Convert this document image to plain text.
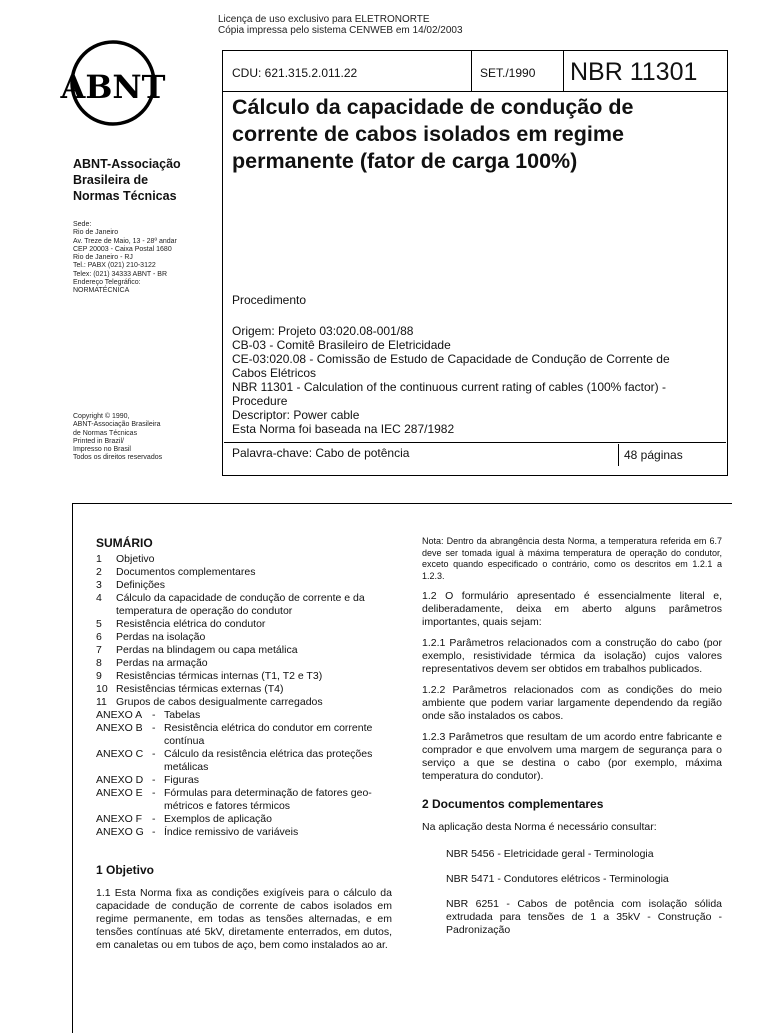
Licença de uso exclusivo para ELETRONORTE
Cópia impressa pelo sistema CENWEB em 14/02/2003
ABNT
ABNT-Associação
Brasileira de
Normas Técnicas
Sede:
Rio de Janeiro
Av. Treze de Maio, 13 - 28º andar
CEP 20003 - Caixa Postal 1680
Rio de Janeiro - RJ
Tel.: PABX (021) 210-3122
Telex: (021) 34333 ABNT - BR
Endereço Telegráfico:
NORMATÉCNICA
Copyright © 1990,
ABNT-Associação Brasileira
de Normas Técnicas
Printed in Brazil/
Impresso no Brasil
Todos os direitos reservados
CDU: 621.315.2.011.22	SET./1990 NBR 11301
Cálculo da capacidade de condução de
corrente de cabos isolados em regime
permanente (fator de carga 100%)
Procedimento
Origem: Projeto 03:020.08-001/88
CB-03 - Comitê Brasileiro de Eletricidade
CE-03:020.08 - Comissão de Estudo de Capacidade de Condução de Corrente de
Cabos Elétricos
NBR 11301 - Calculation of the continuous current rating of cables (100% factor) -
Procedure
Descriptor: Power cable
Esta Norma foi baseada na IEC 287/1982
Palavra-chave: Cabo de potência	48 páginas
SUMÁRIO
1	Objetivo
2	Documentos complementares
3	Definições
4	Cálculo da capacidade de condução de corrente e da
temperatura de operação do condutor
5	Resistência elétrica do condutor
6	Perdas na isolação
7	Perdas na blindagem ou capa metálica
8	Perdas na armação
9	Resistências térmicas internas (T1, T2 e T3)
10 Resistências térmicas externas (T4)
11 Grupos de cabos desigualmente carregados
ANEXO A - Tabelas
ANEXO B - Resistência elétrica do condutor em corrente
contínua
ANEXO C - Cálculo da resistência elétrica das proteções
metálicas
ANEXO D - Figuras
ANEXO E - Fórmulas para determinação de fatores geo-
métricos e fatores térmicos
ANEXO F - Exemplos de aplicação
ANEXO G - Índice remissivo de variáveis
1 Objetivo
1.1 Esta Norma fixa as condições exigíveis para o cálculo da capacidade de condução de corrente de cabos isolados em regime permanente, em todas as tensões alternadas, e em tensões contínuas até 5kV, diretamente enterrados, em dutos, em canaletas ou em tubos de aço, bem como instalados ao ar.
Nota: Dentro da abrangência desta Norma, a temperatura referida em 6.7 deve ser tomada igual à máxima temperatura de operação do condutor, exceto quando especificado o contrário, como os descritos em 1.2.1 a 1.2.3.
1.2 O formulário apresentado é essencialmente literal e, deliberadamente, deixa em aberto alguns parâmetros importantes, quais sejam:
1.2.1 Parâmetros relacionados com a construção do cabo (por exemplo, resistividade térmica da isolação) cujos valores representativos devem ser obtidos em trabalhos publicados.
1.2.2 Parâmetros relacionados com as condições do meio ambiente que podem variar largamente dependendo da região onde são instalados os cabos.
1.2.3 Parâmetros que resultam de um acordo entre fabricante e comprador e que envolvem uma margem de segurança para o serviço a que se destina o cabo (por exemplo, máxima temperatura do condutor).
2 Documentos complementares
Na aplicação desta Norma é necessário consultar:
NBR 5456 - Eletricidade geral - Terminologia
NBR 5471 - Condutores elétricos - Terminologia
NBR 6251 - Cabos de potência com isolação sólida extrudada para tensões de 1 a 35kV - Construção - Padronização
